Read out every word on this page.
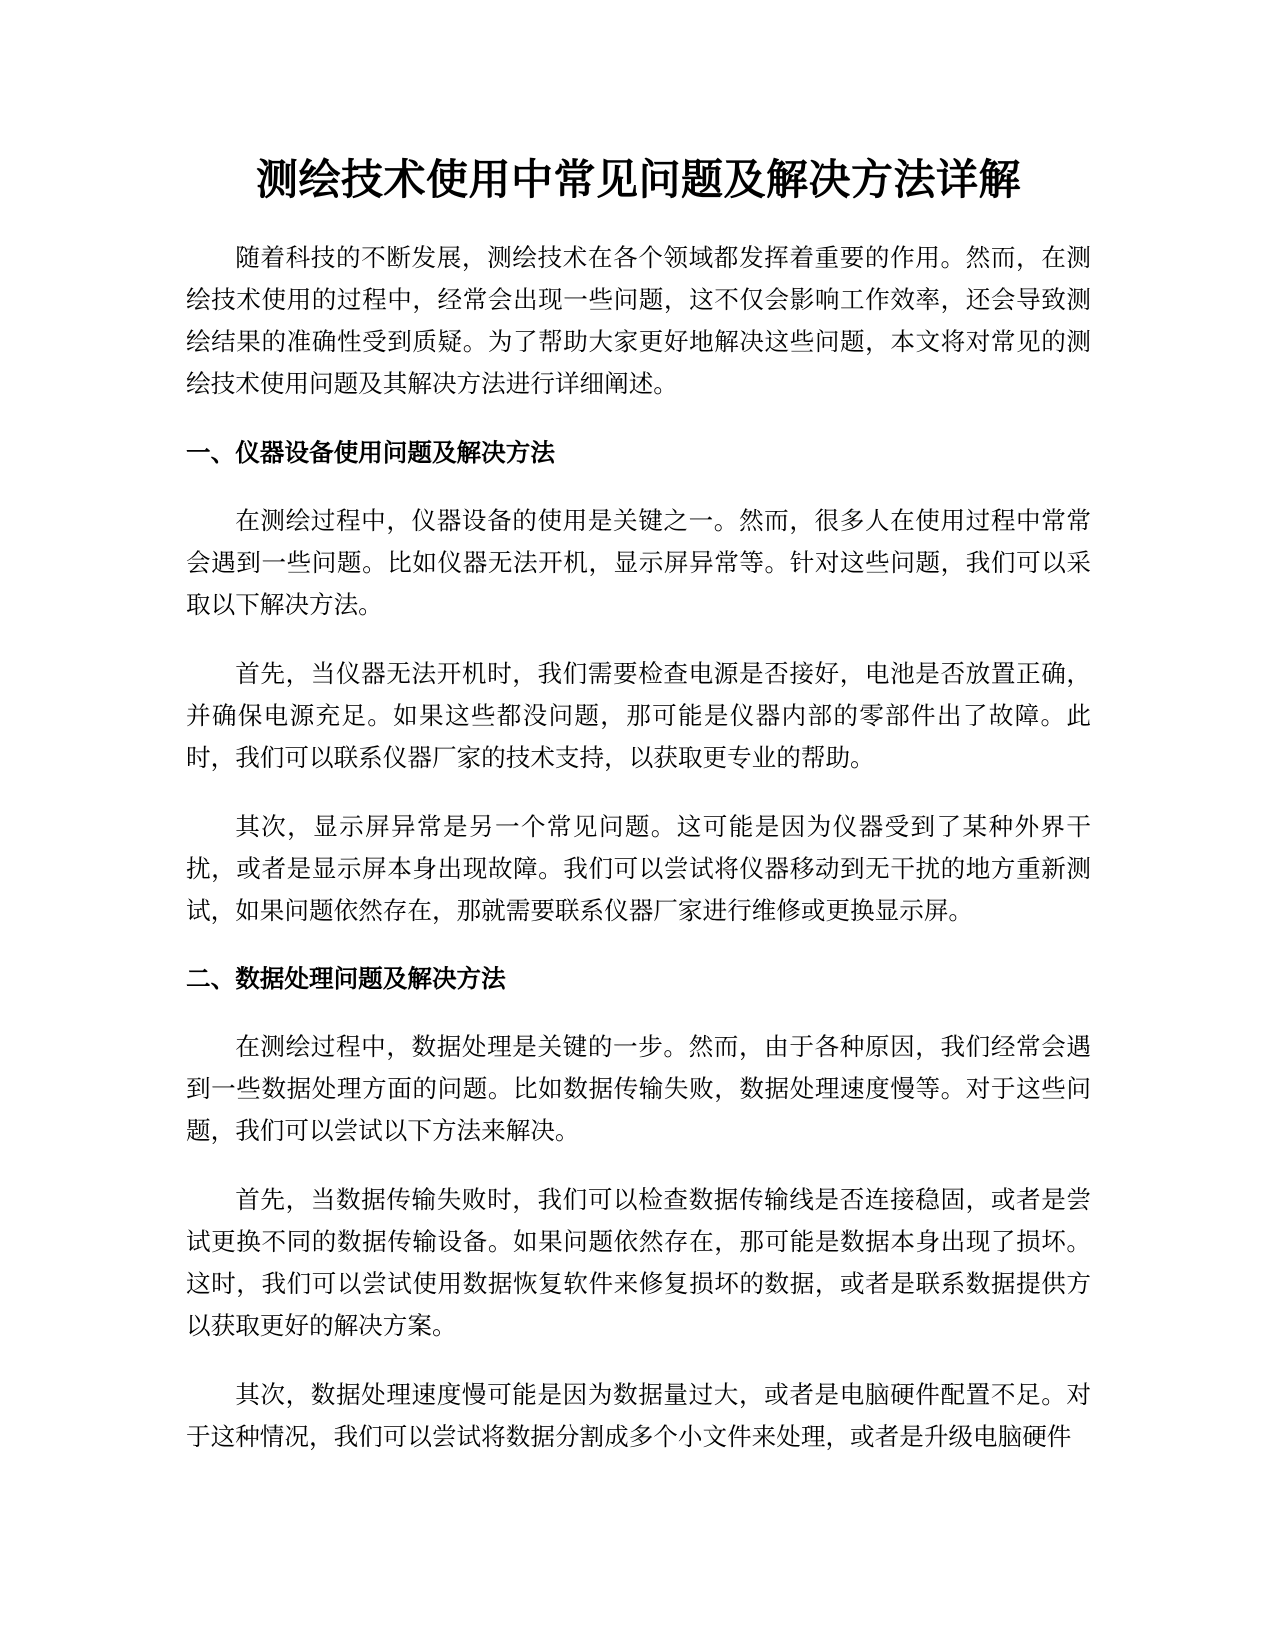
测绘技术使用中常见问题及解决方法详解

随着科技的不断发展，测绘技术在各个领域都发挥着重要的作用。然而，在测绘技术使用的过程中，经常会出现一些问题，这不仅会影响工作效率，还会导致测绘结果的准确性受到质疑。为了帮助大家更好地解决这些问题，本文将对常见的测绘技术使用问题及其解决方法进行详细阐述。

一、仪器设备使用问题及解决方法

在测绘过程中，仪器设备的使用是关键之一。然而，很多人在使用过程中常常会遇到一些问题。比如仪器无法开机，显示屏异常等。针对这些问题，我们可以采取以下解决方法。

首先，当仪器无法开机时，我们需要检查电源是否接好，电池是否放置正确，并确保电源充足。如果这些都没问题，那可能是仪器内部的零部件出了故障。此时，我们可以联系仪器厂家的技术支持，以获取更专业的帮助。

其次，显示屏异常是另一个常见问题。这可能是因为仪器受到了某种外界干扰，或者是显示屏本身出现故障。我们可以尝试将仪器移动到无干扰的地方重新测试，如果问题依然存在，那就需要联系仪器厂家进行维修或更换显示屏。

二、数据处理问题及解决方法

在测绘过程中，数据处理是关键的一步。然而，由于各种原因，我们经常会遇到一些数据处理方面的问题。比如数据传输失败，数据处理速度慢等。对于这些问题，我们可以尝试以下方法来解决。

首先，当数据传输失败时，我们可以检查数据传输线是否连接稳固，或者是尝试更换不同的数据传输设备。如果问题依然存在，那可能是数据本身出现了损坏。这时，我们可以尝试使用数据恢复软件来修复损坏的数据，或者是联系数据提供方以获取更好的解决方案。

其次，数据处理速度慢可能是因为数据量过大，或者是电脑硬件配置不足。对于这种情况，我们可以尝试将数据分割成多个小文件来处理，或者是升级电脑硬件
